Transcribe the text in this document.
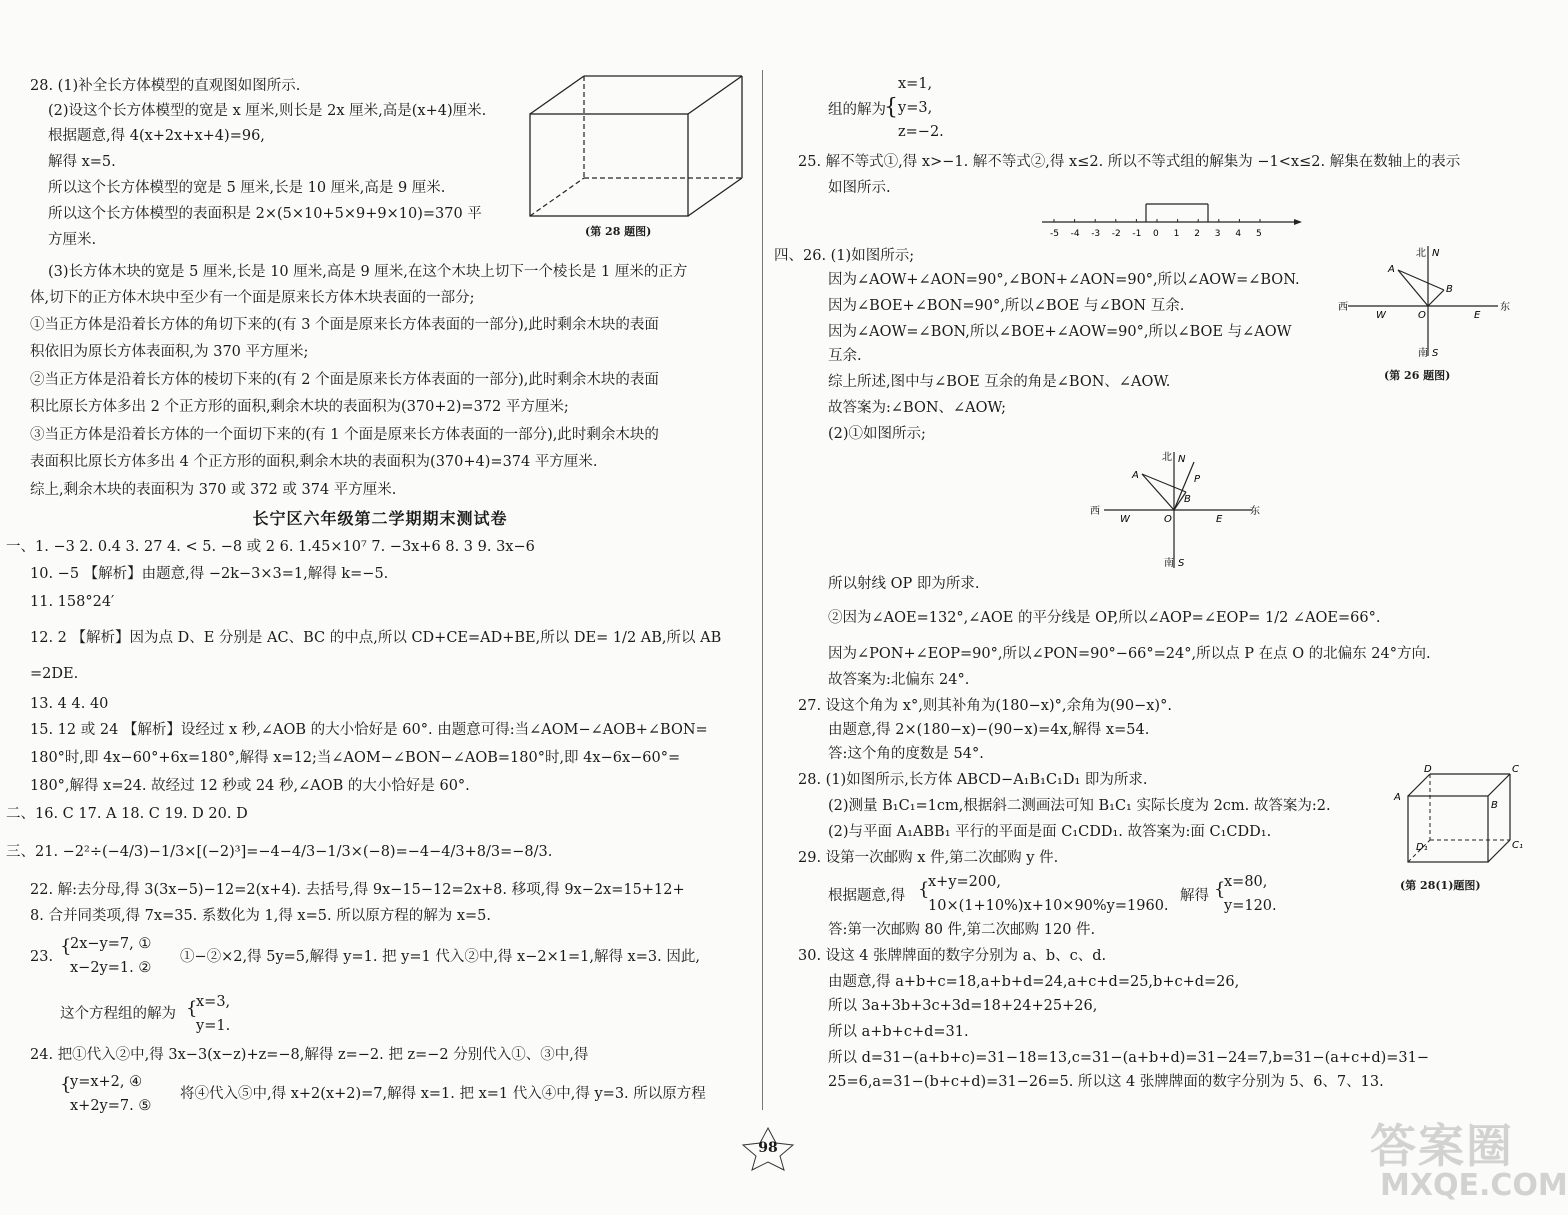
28. (1)补全长方体模型的直观图如图所示.
(2)设这个长方体模型的宽是 x 厘米,则长是 2x 厘米,高是(x+4)厘米.
根据题意,得 4(x+2x+x+4)=96,
解得 x=5.
所以这个长方体模型的宽是 5 厘米,长是 10 厘米,高是 9 厘米.
所以这个长方体模型的表面积是 2×(5×10+5×9+9×10)=370 平
方厘米.
(第 28 题图)
(3)长方体木块的宽是 5 厘米,长是 10 厘米,高是 9 厘米,在这个木块上切下一个棱长是 1 厘米的正方
体,切下的正方体木块中至少有一个面是原来长方体木块表面的一部分;
①当正方体是沿着长方体的角切下来的(有 3 个面是原来长方体表面的一部分),此时剩余木块的表面
积依旧为原长方体表面积,为 370 平方厘米;
②当正方体是沿着长方体的棱切下来的(有 2 个面是原来长方体表面的一部分),此时剩余木块的表面
积比原长方体多出 2 个正方形的面积,剩余木块的表面积为(370+2)=372 平方厘米;
③当正方体是沿着长方体的一个面切下来的(有 1 个面是原来长方体表面的一部分),此时剩余木块的
表面积比原长方体多出 4 个正方形的面积,剩余木块的表面积为(370+4)=374 平方厘米.
综上,剩余木块的表面积为 370 或 372 或 374 平方厘米.
长宁区六年级第二学期期末测试卷
一、1. −3 2. 0.4 3. 27 4. < 5. −8 或 2 6. 1.45×10⁷ 7. −3x+6 8. 3 9. 3x−6
10. −5 【解析】由题意,得 −2k−3×3=1,解得 k=−5.
11. 158°24′
12. 2 【解析】因为点 D、E 分别是 AC、BC 的中点,所以 CD+CE=AD+BE,所以 DE= 1/2 AB,所以 AB
=2DE.
13. 4 4. 40
15. 12 或 24 【解析】设经过 x 秒,∠AOB 的大小恰好是 60°. 由题意可得:当∠AOM−∠AOB+∠BON=
180°时,即 4x−60°+6x=180°,解得 x=12;当∠AOM−∠BON−∠AOB=180°时,即 4x−6x−60°=
180°,解得 x=24. 故经过 12 秒或 24 秒,∠AOB 的大小恰好是 60°.
二、16. C 17. A 18. C 19. D 20. D
三、21. −2²÷(−4/3)−1/3×[(−2)³]=−4−4/3−1/3×(−8)=−4−4/3+8/3=−8/3.
22. 解:去分母,得 3(3x−5)−12=2(x+4). 去括号,得 9x−15−12=2x+8. 移项,得 9x−2x=15+12+
8. 合并同类项,得 7x=35. 系数化为 1,得 x=5. 所以原方程的解为 x=5.
23. {
2x−y=7, ①
x−2y=1. ②
①−②×2,得 5y=5,解得 y=1. 把 y=1 代入②中,得 x−2×1=1,解得 x=3. 因此,
这个方程组的解为 {
x=3,
y=1.
24. 把①代入②中,得 3x−3(x−z)+z=−8,解得 z=−2. 把 z=−2 分别代入①、③中,得
{
y=x+2, ④
x+2y=7. ⑤
将④代入⑤中,得 x+2(x+2)=7,解得 x=1. 把 x=1 代入④中,得 y=3. 所以原方程
组的解为
{
x=1,
y=3,
z=−2.
25. 解不等式①,得 x>−1. 解不等式②,得 x≤2. 所以不等式组的解集为 −1<x≤2. 解集在数轴上的表示
如图所示.
-5 -4 -3 -2 -1 0 1 2 3 4 5
四、26. (1)如图所示;
因为∠AOW+∠AON=90°,∠BON+∠AON=90°,所以∠AOW=∠BON.
因为∠BOE+∠BON=90°,所以∠BOE 与∠BON 互余.
因为∠AOW=∠BON,所以∠BOE+∠AOW=90°,所以∠BOE 与∠AOW
互余.
综上所述,图中与∠BOE 互余的角是∠BON、∠AOW.
故答案为:∠BON、∠AOW;
(2)①如图所示;
北 N
西
W
东
E
O
A
B
南 S
(第 26 题图)
北 N
P
西
W
东
E
O
A
B
南 S
所以射线 OP 即为所求.
②因为∠AOE=132°,∠AOE 的平分线是 OP,所以∠AOP=∠EOP= 1/2 ∠AOE=66°.
因为∠PON+∠EOP=90°,所以∠PON=90°−66°=24°,所以点 P 在点 O 的北偏东 24°方向.
故答案为:北偏东 24°.
27. 设这个角为 x°,则其补角为(180−x)°,余角为(90−x)°.
由题意,得 2×(180−x)−(90−x)=4x,解得 x=54.
答:这个角的度数是 54°.
28. (1)如图所示,长方体 ABCD−A₁B₁C₁D₁ 即为所求.
(2)测量 B₁C₁=1cm,根据斜二测画法可知 B₁C₁ 实际长度为 2cm. 故答案为:2.
(2)与平面 A₁ABB₁ 平行的平面是面 C₁CDD₁. 故答案为:面 C₁CDD₁.
D	C
A
B
D₁	C₁
(第 28(1)题图)
29. 设第一次邮购 x 件,第二次邮购 y 件.
根据题意,得 {
x+y=200,
10×(1+10%)x+10×90%y=1960.
解得 {
x=80,
y=120.
答:第一次邮购 80 件,第二次邮购 120 件.
30. 设这 4 张牌牌面的数字分别为 a、b、c、d.
由题意,得 a+b+c=18,a+b+d=24,a+c+d=25,b+c+d=26,
所以 3a+3b+3c+3d=18+24+25+26,
所以 a+b+c+d=31.
所以 d=31−(a+b+c)=31−18=13,c=31−(a+b+d)=31−24=7,b=31−(a+c+d)=31−
25=6,a=31−(b+c+d)=31−26=5. 所以这 4 张牌牌面的数字分别为 5、6、7、13.
98	答案圈
MXQE.COM
